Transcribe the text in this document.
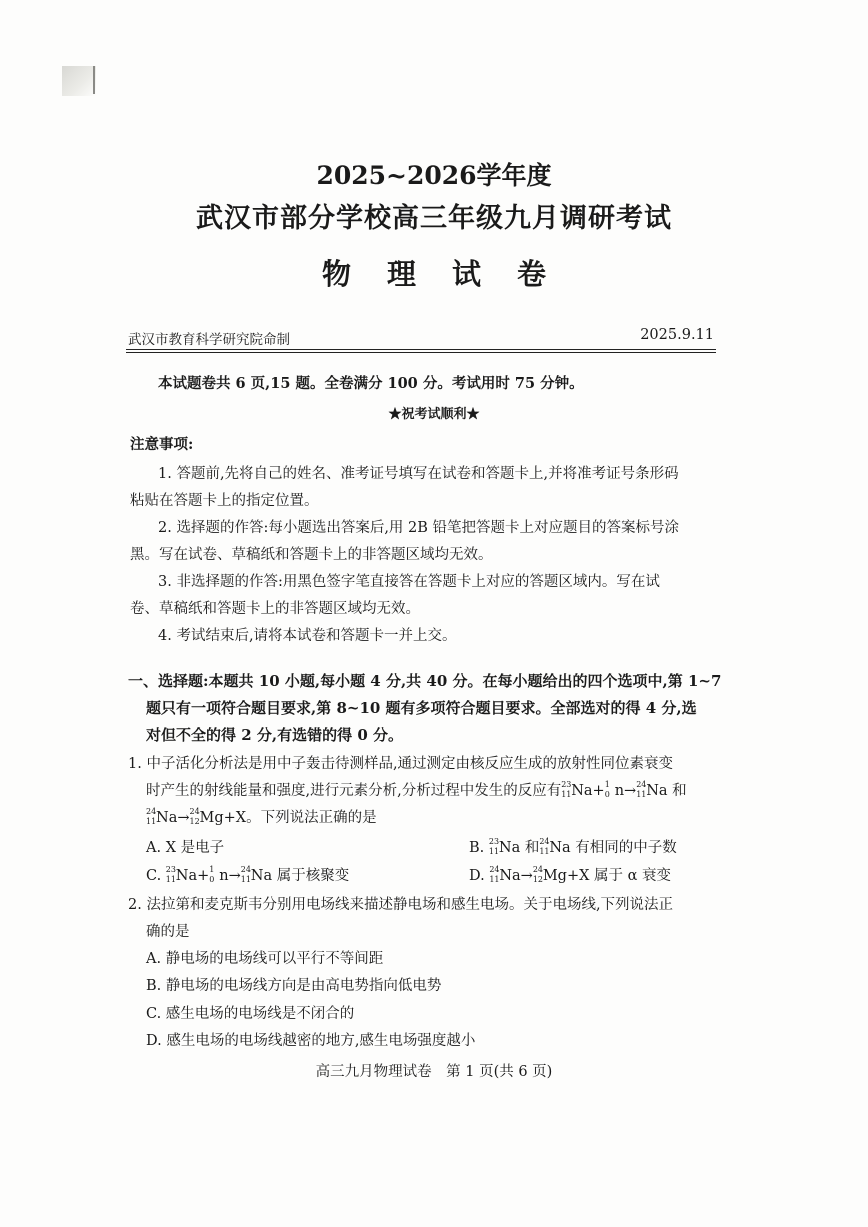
2025~2026学年度
武汉市部分学校高三年级九月调研考试
物 理 试 卷
武汉市教育科学研究院命制	2025.9.11
本试题卷共 6 页,15 题。全卷满分 100 分。考试用时 75 分钟。
★祝考试顺利★
注意事项:
1. 答题前,先将自己的姓名、准考证号填写在试卷和答题卡上,并将准考证号条形码
粘贴在答题卡上的指定位置。
2. 选择题的作答:每小题选出答案后,用 2B 铅笔把答题卡上对应题目的答案标号涂
黑。写在试卷、草稿纸和答题卡上的非答题区域均无效。
3. 非选择题的作答:用黑色签字笔直接答在答题卡上对应的答题区域内。写在试
卷、草稿纸和答题卡上的非答题区域均无效。
4. 考试结束后,请将本试卷和答题卡一并上交。
一、选择题:本题共 10 小题,每小题 4 分,共 40 分。在每小题给出的四个选项中,第 1~7
题只有一项符合题目要求,第 8~10 题有多项符合题目要求。全部选对的得 4 分,选
对但不全的得 2 分,有选错的得 0 分。
1. 中子活化分析法是用中子轰击待测样品,通过测定由核反应生成的放射性同位素衰变
时产生的射线能量和强度,进行元素分析,分析过程中发生的反应有 23
11 Na+ 1
0 n→ 24
11 Na 和
24
11 Na→ 24
12 Mg+X。下列说法正确的是
A. X 是电子	B. 23
11 Na 和 24
11 Na 有相同的中子数
C. 23
11 Na+ 1
0 n→ 24
11 Na 属于核聚变	D. 24
11 Na→ 24
12 Mg+X 属于 α 衰变
2. 法拉第和麦克斯韦分别用电场线来描述静电场和感生电场。关于电场线,下列说法正
确的是
A. 静电场的电场线可以平行不等间距
B. 静电场的电场线方向是由高电势指向低电势
C. 感生电场的电场线是不闭合的
D. 感生电场的电场线越密的地方,感生电场强度越小
高三九月物理试卷　第 1 页(共 6 页)
